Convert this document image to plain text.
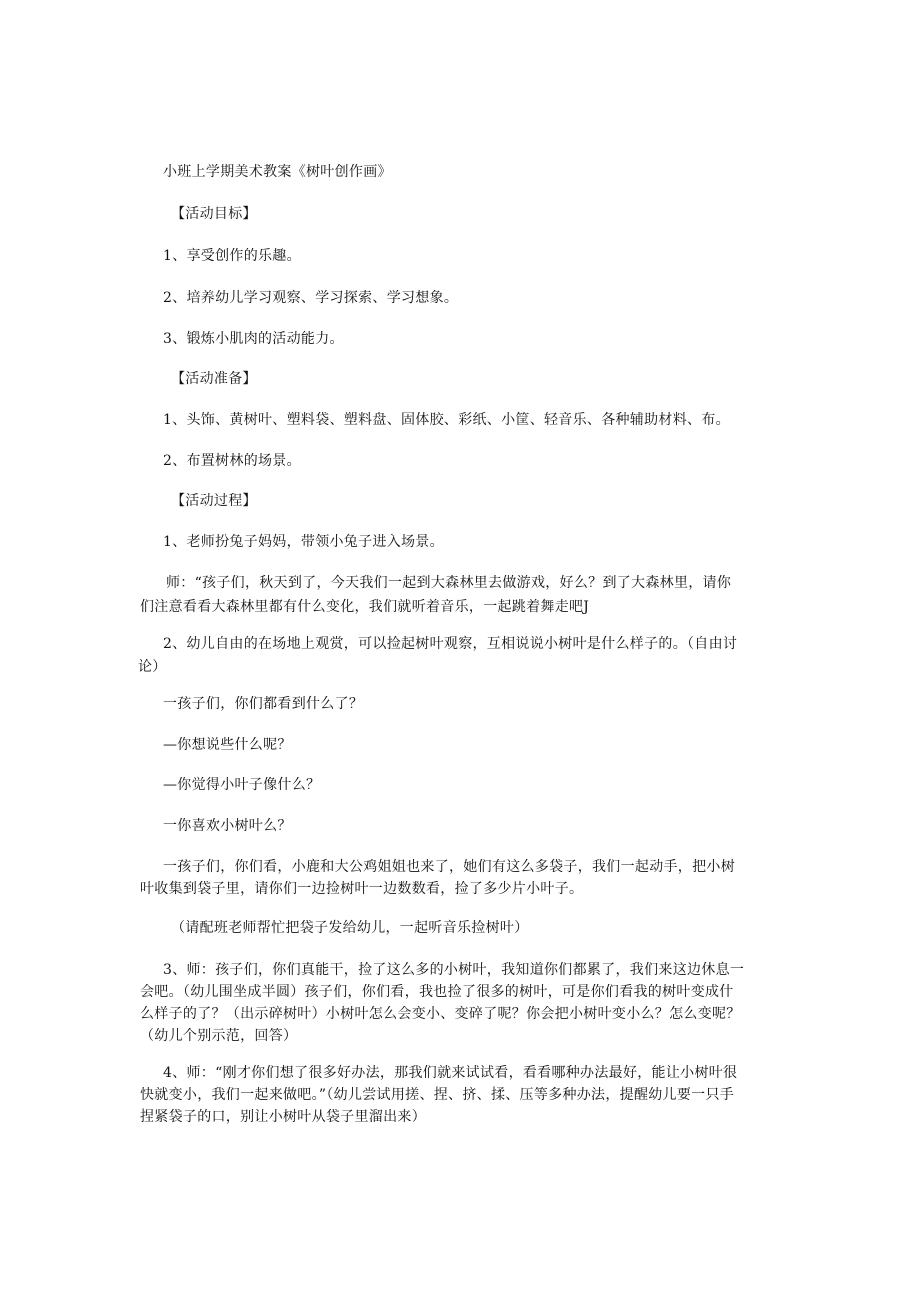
小班上学期美术教案《树叶创作画》

【活动目标】

1、享受创作的乐趣。

2、培养幼儿学习观察、学习探索、学习想象。

3、锻炼小肌肉的活动能力。

【活动准备】

1、头饰、黄树叶、塑料袋、塑料盘、固体胶、彩纸、小筐、轻音乐、各种辅助材料、布。

2、布置树林的场景。

【活动过程】

1、老师扮兔子妈妈，带领小兔子进入场景。

师：“孩子们，秋天到了，今天我们一起到大森林里去做游戏，好么？到了大森林里，请你

们注意看看大森林里都有什么变化，我们就听着音乐，一起跳着舞走吧J

2、幼儿自由的在场地上观赏，可以捡起树叶观察，互相说说小树叶是什么样子的。（自由讨

论）

一孩子们，你们都看到什么了？

—你想说些什么呢？

—你觉得小叶子像什么？

一你喜欢小树叶么？

一孩子们，你们看，小鹿和大公鸡姐姐也来了，她们有这么多袋子，我们一起动手，把小树

叶收集到袋子里，请你们一边捡树叶一边数数看，捡了多少片小叶子。

（请配班老师帮忙把袋子发给幼儿，一起听音乐捡树叶）

3、师：孩子们，你们真能干，捡了这么多的小树叶，我知道你们都累了，我们来这边休息一

会吧。（幼儿围坐成半圆）孩子们，你们看，我也捡了很多的树叶，可是你们看我的树叶变成什

么样子的了？（出示碎树叶）小树叶怎么会变小、变碎了呢？你会把小树叶变小么？怎么变呢？

（幼儿个别示范，回答）

4、师：“刚才你们想了很多好办法，那我们就来试试看，看看哪种办法最好，能让小树叶很

快就变小，我们一起来做吧。”（幼儿尝试用搓、捏、挤、揉、压等多种办法，提醒幼儿要一只手

捏紧袋子的口，别让小树叶从袋子里溜出来）
